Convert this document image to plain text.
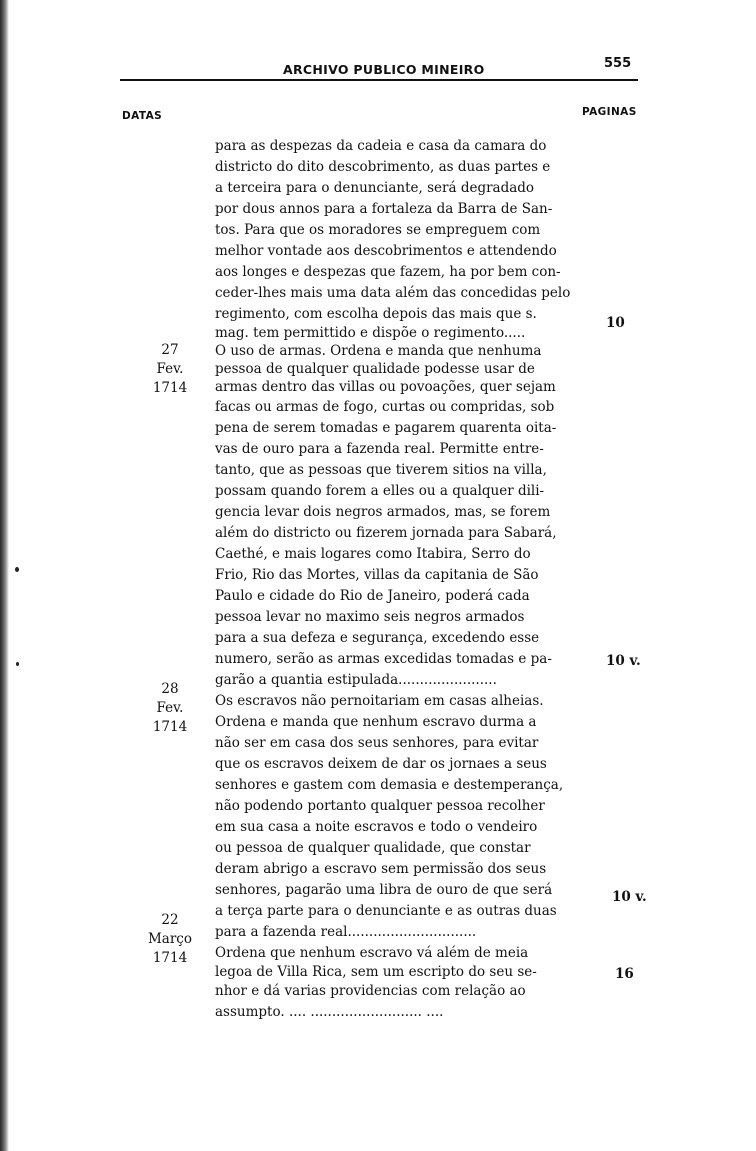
ARCHIVO PUBLICO MINEIRO	555
DATAS	PAGINAS
para as despezas da cadeia e casa da camara do
districto do dito descobrimento, as duas partes e
a terceira para o denunciante, será degradado
por dous annos para a fortaleza da Barra de San-
tos. Para que os moradores se empreguem com
melhor vontade aos descobrimentos e attendendo
aos longes e despezas que fazem, ha por bem con-
ceder-lhes mais uma data além das concedidas pelo
regimento, com escolha depois das mais que s.
mag. tem permittido e dispõe o regimento.....
O uso de armas. Ordena e manda que nenhuma
pessoa de qualquer qualidade podesse usar de
armas dentro das villas ou povoações, quer sejam
facas ou armas de fogo, curtas ou compridas, sob
pena de serem tomadas e pagarem quarenta oita-
vas de ouro para a fazenda real. Permitte entre-
tanto, que as pessoas que tiverem sitios na villa,
possam quando forem a elles ou a qualquer dili-
gencia levar dois negros armados, mas, se forem
além do districto ou fizerem jornada para Sabará,
Caethé, e mais logares como Itabira, Serro do
Frio, Rio das Mortes, villas da capitania de São
Paulo e cidade do Rio de Janeiro, poderá cada
pessoa levar no maximo seis negros armados
para a sua defeza e segurança, excedendo esse
numero, serão as armas excedidas tomadas e pa-
garão a quantia estipulada.......................
Os escravos não pernoitariam em casas alheias.
Ordena e manda que nenhum escravo durma a
não ser em casa dos seus senhores, para evitar
que os escravos deixem de dar os jornaes a seus
senhores e gastem com demasia e destemperança,
não podendo portanto qualquer pessoa recolher
em sua casa a noite escravos e todo o vendeiro
ou pessoa de qualquer qualidade, que constar
deram abrigo a escravo sem permissão dos seus
senhores, pagarão uma libra de ouro de que será
a terça parte para o denunciante e as outras duas
para a fazenda real..............................
Ordena que nenhum escravo vá além de meia
legoa de Villa Rica, sem um escripto do seu se-
nhor e dá varias providencias com relação ao
assumpto. .... .......................... ....
27
Fev.
1714
28
Fev.
1714
22
Março
1714
10
10 v.
10 v.
16
